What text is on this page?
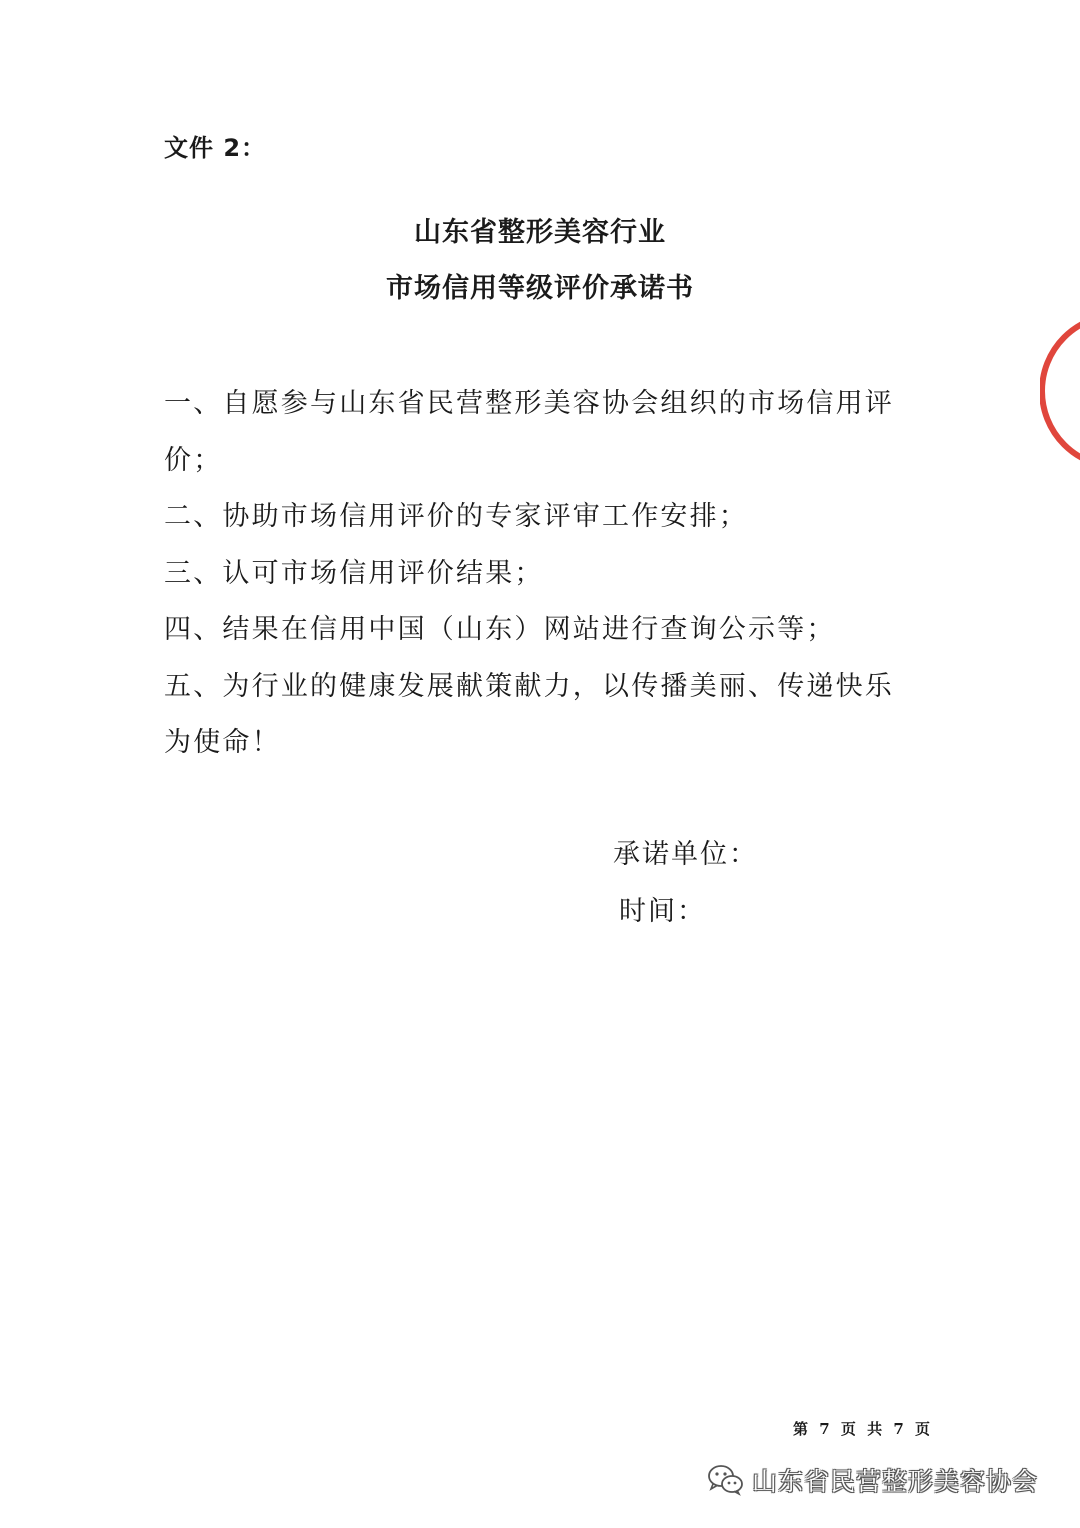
文件 2：
山东省整形美容行业
市场信用等级评价承诺书
一、自愿参与山东省民营整形美容协会组织的市场信用评价；
二、协助市场信用评价的专家评审工作安排；
三、认可市场信用评价结果；
四、结果在信用中国（山东）网站进行查询公示等；
五、为行业的健康发展献策献力，以传播美丽、传递快乐为使命！
承诺单位：
时间：
第 7 页 共 7 页
山东省民营整形美容协会
